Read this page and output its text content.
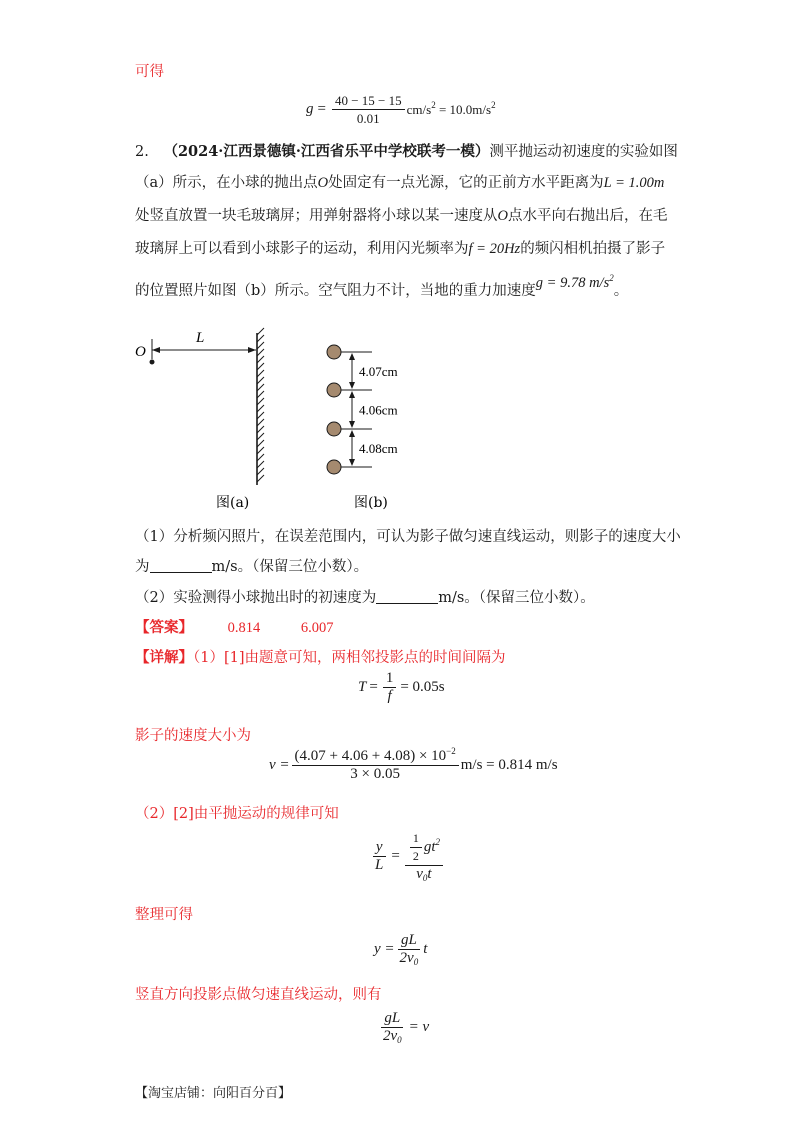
可得
$g = \frac{40 - 15 - 15}{0.01} cm/s^2 = 10.0m/s^2$
2. （2024·江西景德镇·江西省乐平中学校联考一模）测平抛运动初速度的实验如图
（a）所示，在小球的抛出点O处固定有一点光源，它的正前方水平距离为L = 1.00m
处竖直放置一块毛玻璃屏；用弹射器将小球以某一速度从O点水平向右抛出后，在毛
玻璃屏上可以看到小球影子的运动，利用闪光频率为f = 20Hz的频闪相机拍摄了影子
的位置照片如图（b）所示。空气阻力不计，当地的重力加速度g = 9.78 $m/s^2$。
O
L
图(a)
4.07cm
4.06cm
4.08cm
图(b)
（1）分析频闪照片，在误差范围内，可认为影子做匀速直线运动，则影子的速度大小
为	m/s。（保留三位小数）。
（2）实验测得小球抛出时的初速度为	m/s。（保留三位小数）。
【答案】 0.814	6.007
【详解】（1）[1]由题意可知，两相邻投影点的时间间隔为
$T = \frac{1}{f} = 0.05s$
影子的速度大小为
$v = \frac{(4.07 + 4.06 + 4.08) \times 10^{-2}}{3 \times 0.05} m/s = 0.814$ m/s
（2）[2]由平抛运动的规律可知
$\frac{y}{L} = \frac{\frac{1}{2} gt^2}{v_0t}$
整理可得
$y = \frac{gL}{2v_0}$ t
竖直方向投影点做匀速直线运动，则有
$\frac{gL}{2v_0} = v$
【淘宝店铺：向阳百分百】
